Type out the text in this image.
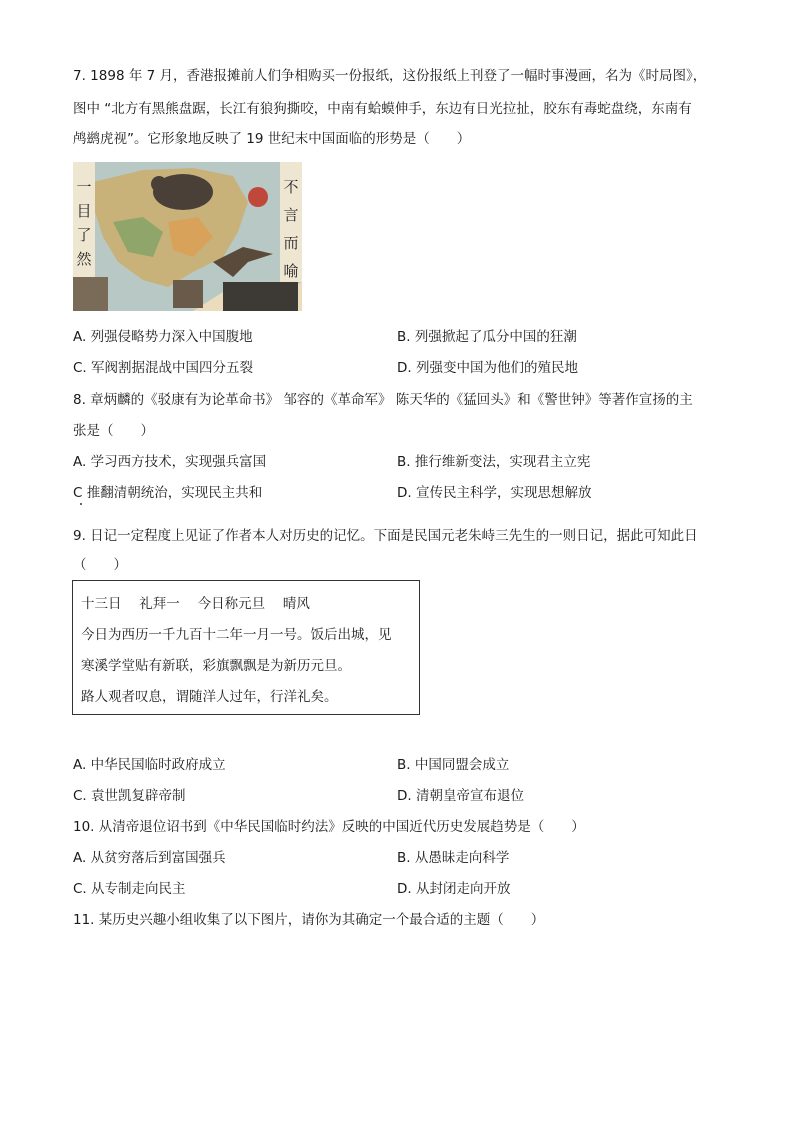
7. 1898 年 7 月，香港报摊前人们争相购买一份报纸，这份报纸上刊登了一幅时事漫画，名为《时局图》，
图中 “北方有黑熊盘踞，长江有狼狗撕咬，中南有蛤蟆伸手，东边有日光拉扯，胶东有毒蛇盘绕，东南有
鸬鹚虎视”。它形象地反映了 19 世纪末中国面临的形势是（　　）
一
目
了
然
不
言
而
喻
A. 列强侵略势力深入中国腹地	B. 列强掀起了瓜分中国的狂潮
C. 军阀割据混战中国四分五裂	D. 列强变中国为他们的殖民地
8. 章炳麟的《驳康有为论革命书》 邹容的《革命军》 陈天华的《猛回头》和《警世钟》等著作宣扬的主
张是（　　）
A. 学习西方技术，实现强兵富国	B. 推行维新变法，实现君主立宪
C 推翻清朝统治，实现民主共和	D. 宣传民主科学，实现思想解放
9. 日记一定程度上见证了作者本人对历史的记忆。下面是民国元老朱峙三先生的一则日记，据此可知此日
（　　）
十三日　 礼拜一　 今日称元旦　 晴风
今日为西历一千九百十二年一月一号。饭后出城，见
寒溪学堂贴有新联，彩旗飘飘是为新历元旦。
路人观者叹息，谓随洋人过年，行洋礼矣。
A. 中华民国临时政府成立	B. 中国同盟会成立
C. 袁世凯复辟帝制	D. 清朝皇帝宣布退位
10. 从清帝退位诏书到《中华民国临时约法》反映的中国近代历史发展趋势是（　　）
A. 从贫穷落后到富国强兵	B. 从愚昧走向科学
C. 从专制走向民主	D. 从封闭走向开放
11. 某历史兴趣小组收集了以下图片，请你为其确定一个最合适的主题（　　）
